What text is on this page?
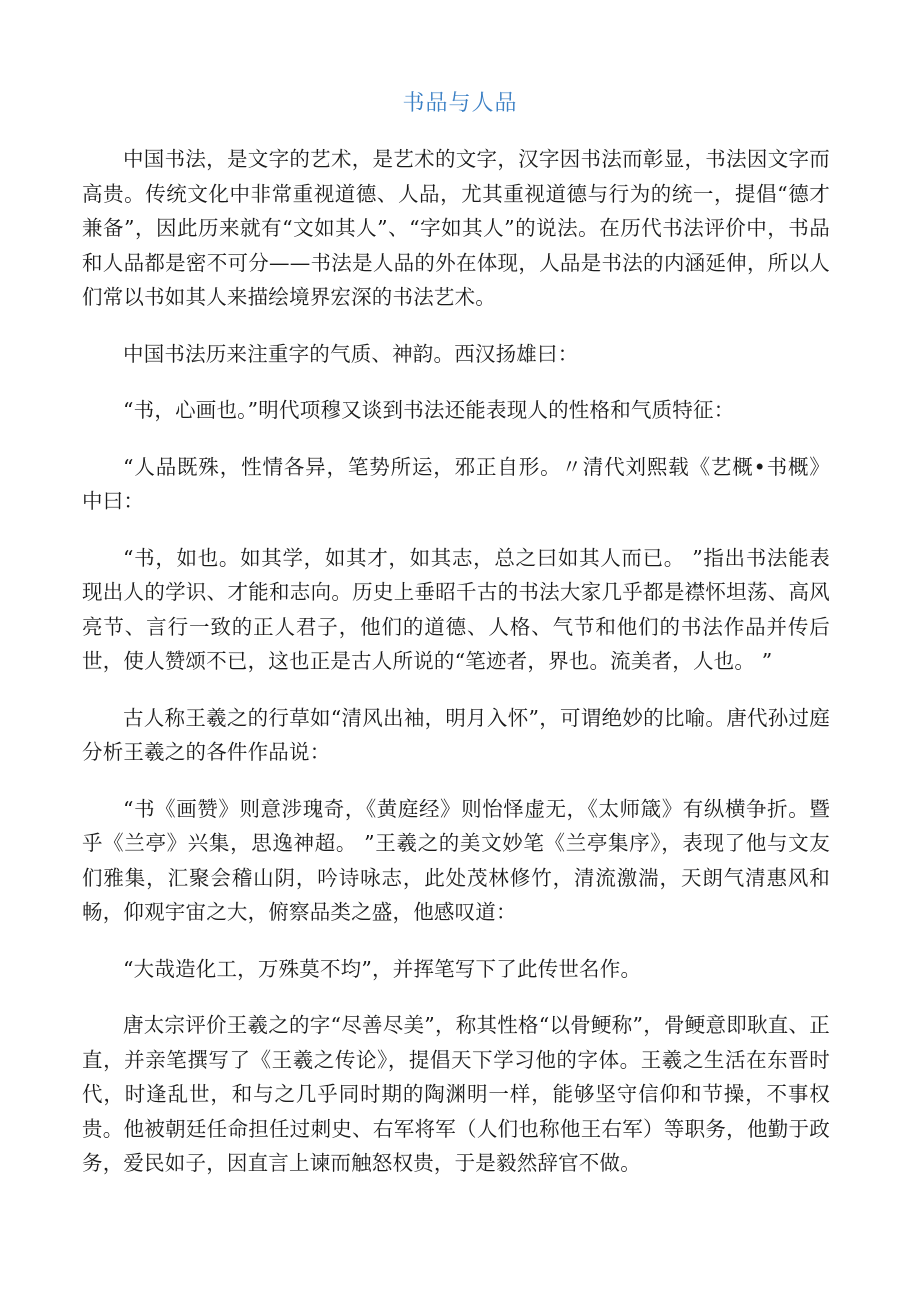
书品与人品

中国书法，是文字的艺术，是艺术的文字，汉字因书法而彰显，书法因文字而高贵。传统文化中非常重视道德、人品，尤其重视道德与行为的统一，提倡“德才兼备”，因此历来就有“文如其人”、“字如其人”的说法。在历代书法评价中，书品和人品都是密不可分——书法是人品的外在体现，人品是书法的内涵延伸，所以人们常以书如其人来描绘境界宏深的书法艺术。

中国书法历来注重字的气质、神韵。西汉扬雄曰：

“书，心画也。”明代项穆又谈到书法还能表现人的性格和气质特征：

“人品既殊，性情各异，笔势所运，邪正自形。〃清代刘熙载《艺概•书概》 中曰：

“书，如也。如其学，如其才，如其志，总之曰如其人而已。 ”指出书法能表现出人的学识、才能和志向。历史上垂昭千古的书法大家几乎都是襟怀坦荡、高风亮节、言行一致的正人君子，他们的道德、人格、气节和他们的书法作品并传后世，使人赞颂不已，这也正是古人所说的“笔迹者，界也。流美者，人也。 ”

古人称王羲之的行草如“清风出袖，明月入怀”，可谓绝妙的比喻。唐代孙过庭分析王羲之的各件作品说：

“书《画赞》则意涉瑰奇，《黄庭经》则怡怿虚无，《太师箴》有纵横争折。暨乎《兰亭》兴集，思逸神超。 ”王羲之的美文妙笔《兰亭集序》，表现了他与文友们雅集，汇聚会稽山阴，吟诗咏志，此处茂林修竹，清流激湍，天朗气清惠风和畅，仰观宇宙之大，俯察品类之盛，他感叹道：

“大哉造化工，万殊莫不均”，并挥笔写下了此传世名作。

唐太宗评价王羲之的字“尽善尽美”，称其性格“以骨鲠称”，骨鲠意即耿直、正直，并亲笔撰写了《王羲之传论》，提倡天下学习他的字体。王羲之生活在东晋时代，时逢乱世，和与之几乎同时期的陶渊明一样，能够坚守信仰和节操，不事权贵。他被朝廷任命担任过刺史、右军将军（人们也称他王右军）等职务，他勤于政务，爱民如子，因直言上谏而触怒权贵，于是毅然辞官不做。
